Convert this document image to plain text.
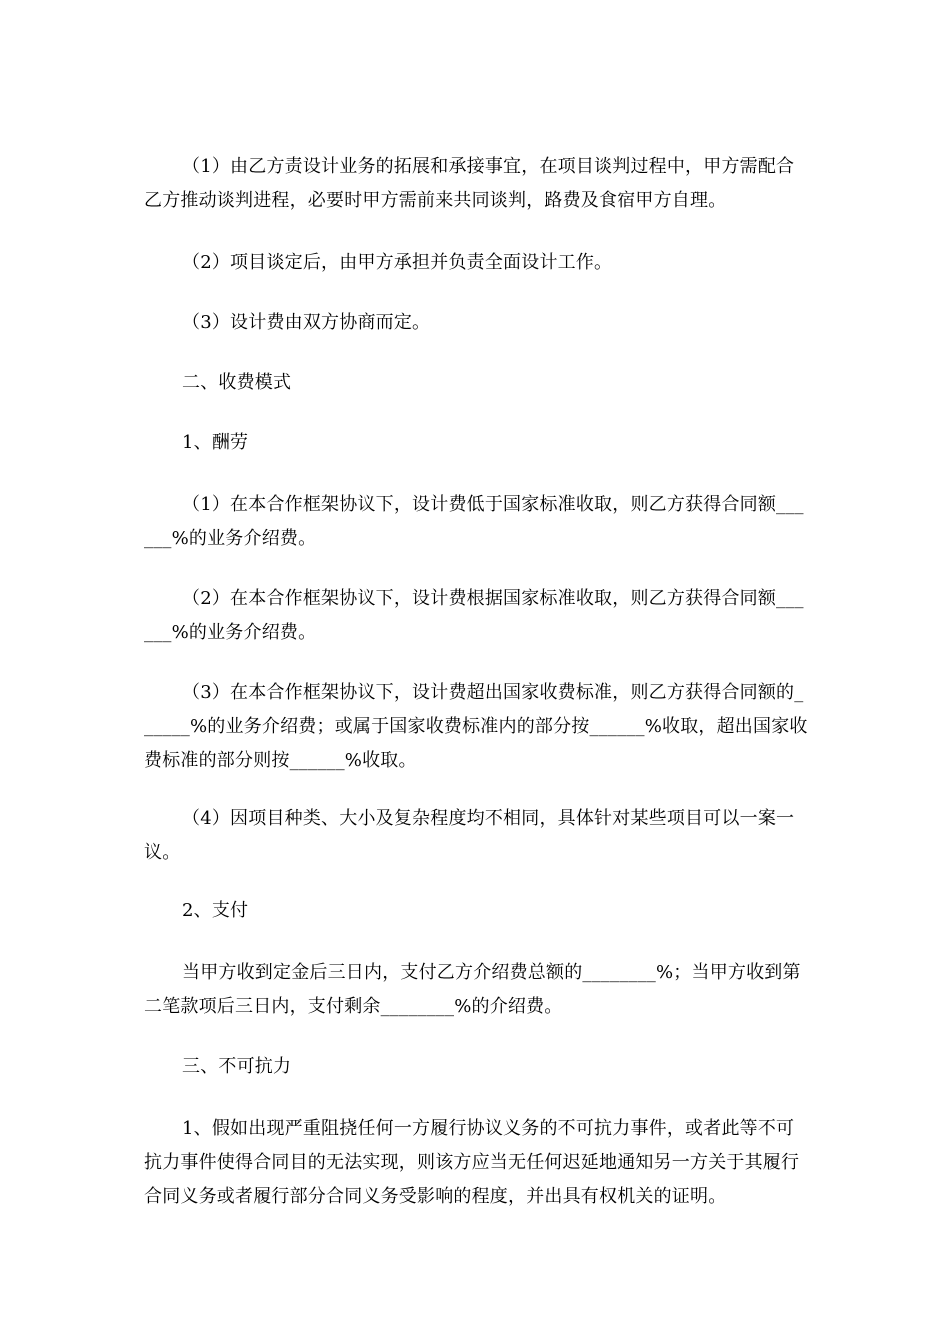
（1）由乙方责设计业务的拓展和承接事宜，在项目谈判过程中，甲方需配合乙方推动谈判进程，必要时甲方需前来共同谈判，路费及食宿甲方自理。
（2）项目谈定后，由甲方承担并负责全面设计工作。
（3）设计费由双方协商而定。
二、收费模式
1、酬劳
（1）在本合作框架协议下，设计费低于国家标准收取，则乙方获得合同额______%的业务介绍费。
（2）在本合作框架协议下，设计费根据国家标准收取，则乙方获得合同额______%的业务介绍费。
（3）在本合作框架协议下，设计费超出国家收费标准，则乙方获得合同额的______%的业务介绍费；或属于国家收费标准内的部分按______%收取，超出国家收费标准的部分则按______%收取。
（4）因项目种类、大小及复杂程度均不相同，具体针对某些项目可以一案一议。
2、支付
当甲方收到定金后三日内，支付乙方介绍费总额的________%；当甲方收到第二笔款项后三日内，支付剩余________%的介绍费。
三、不可抗力
1、假如出现严重阻挠任何一方履行协议义务的不可抗力事件，或者此等不可抗力事件使得合同目的无法实现，则该方应当无任何迟延地通知另一方关于其履行合同义务或者履行部分合同义务受影响的程度，并出具有权机关的证明。
